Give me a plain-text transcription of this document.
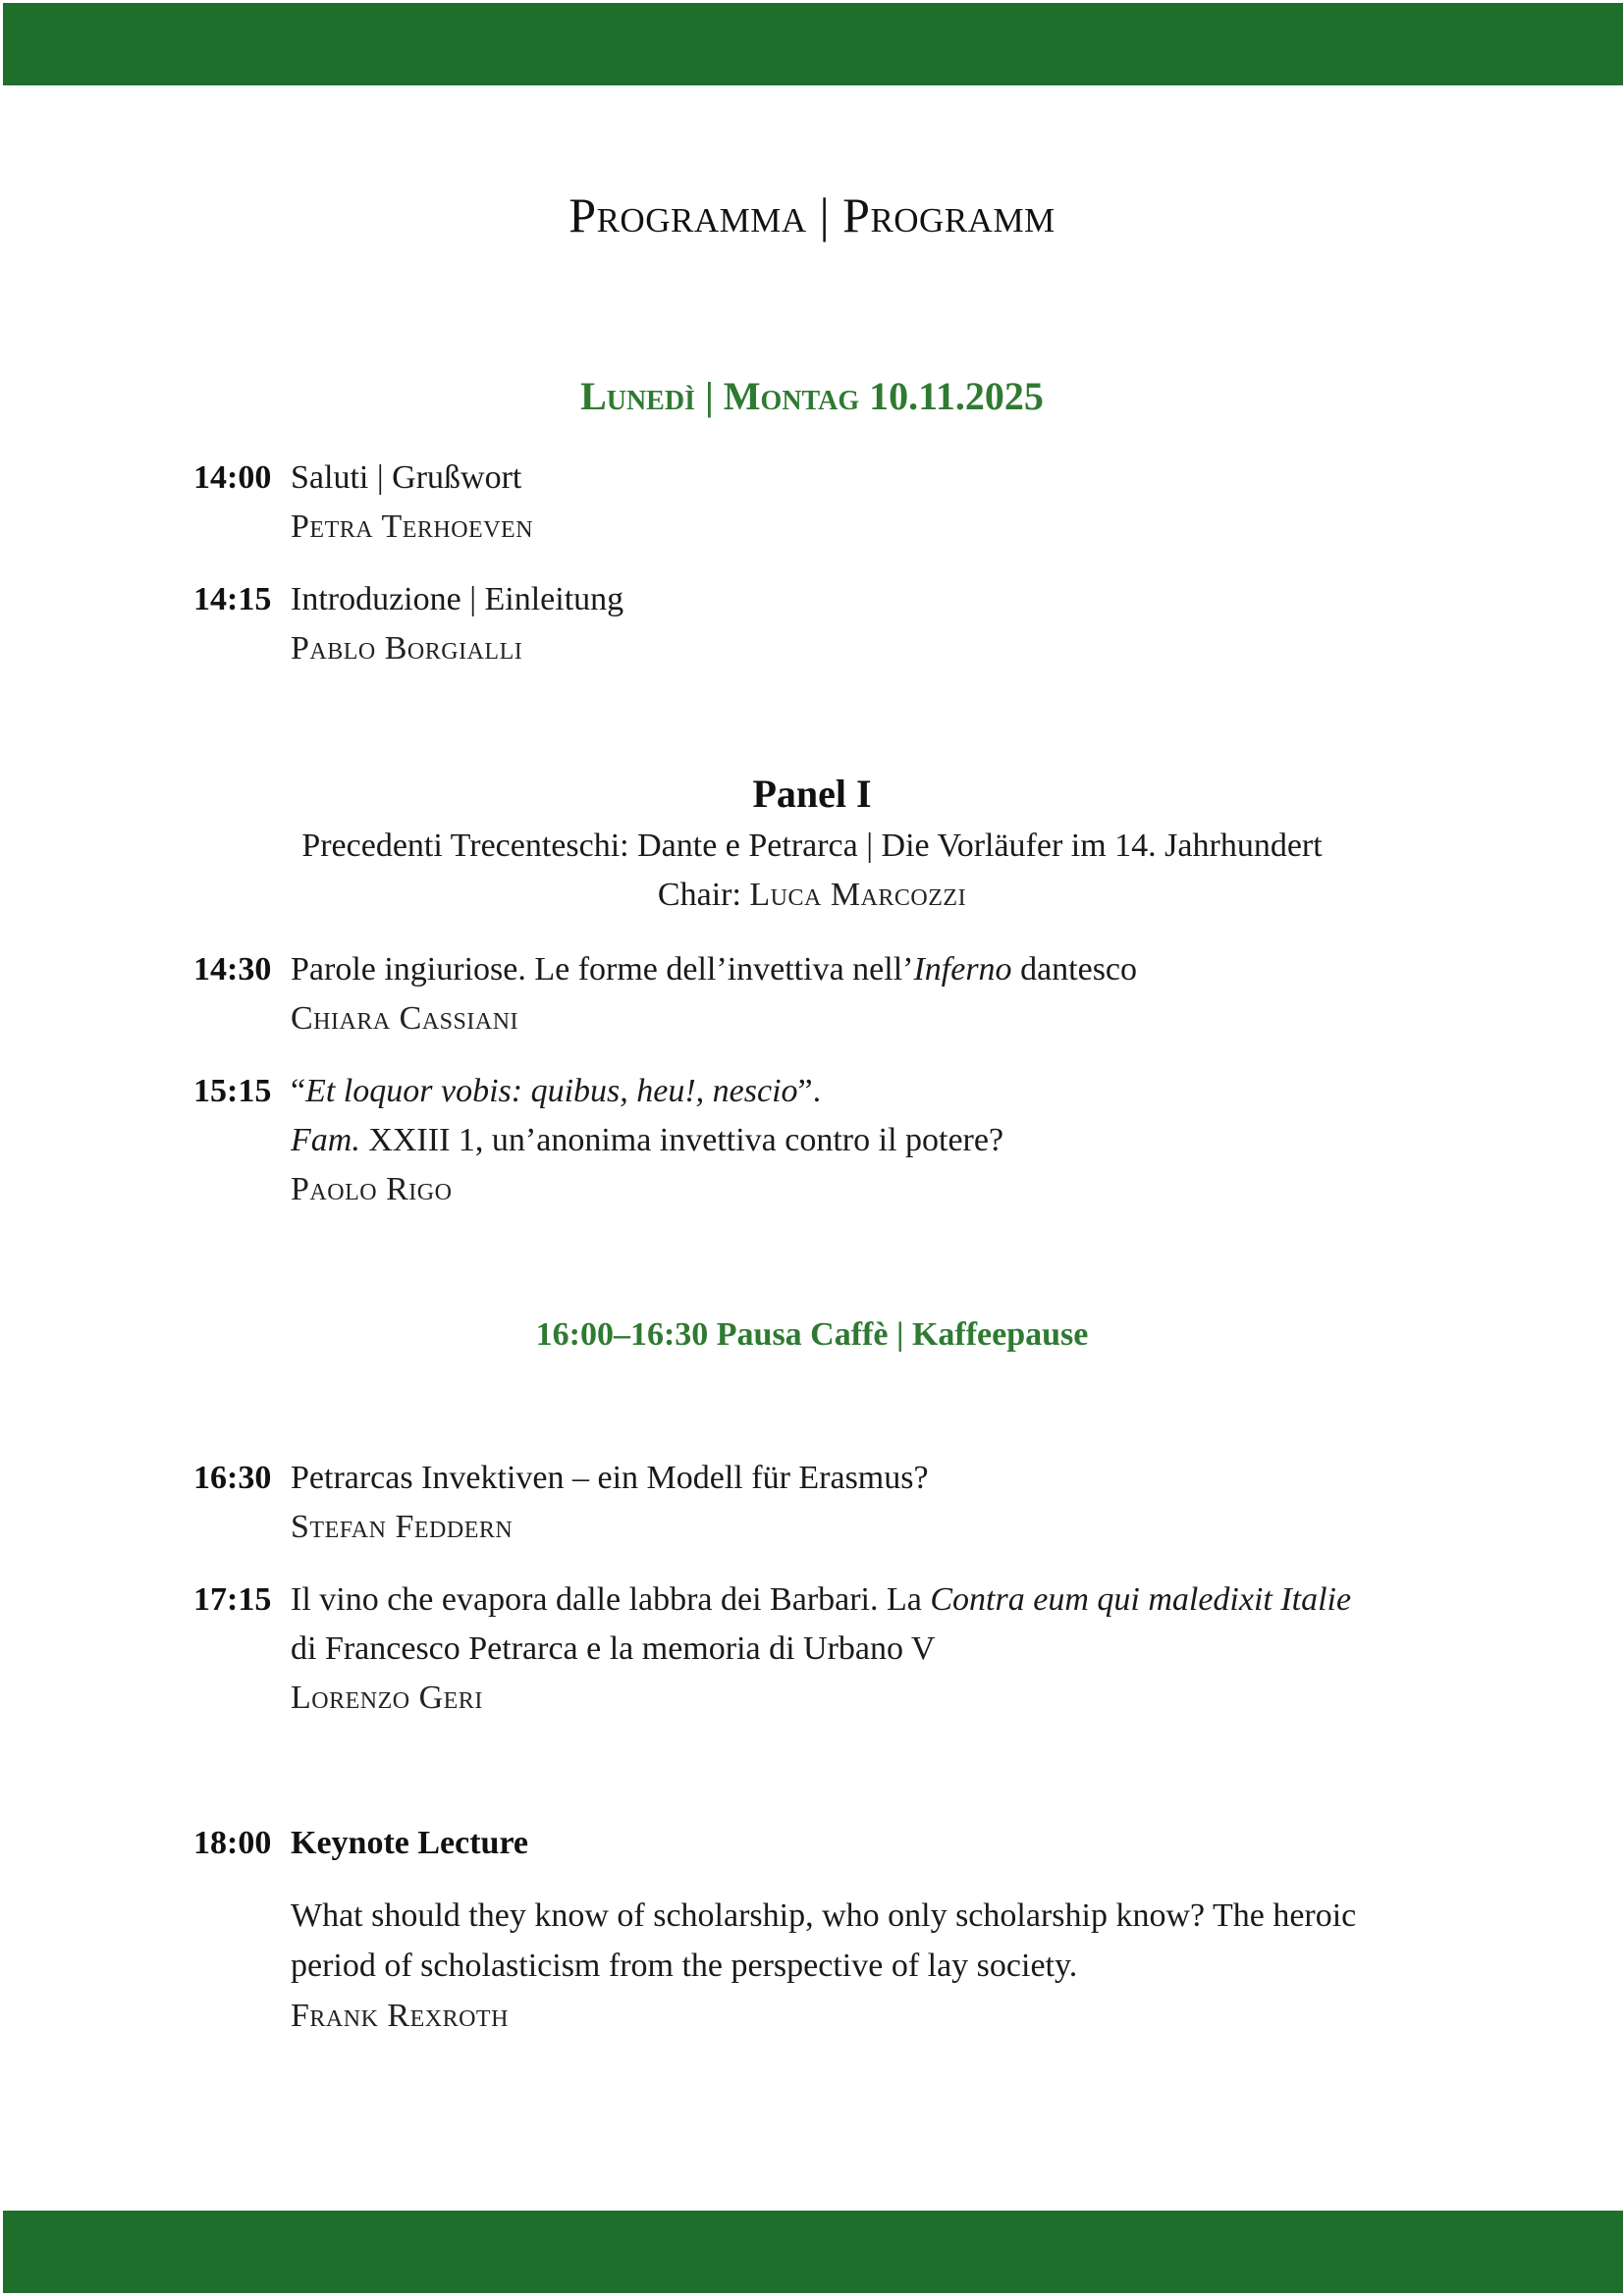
Programma | Programm
Lunedì | Montag 10.11.2025
14:00 Saluti | Grußwort
Petra Terhoeven
14:15 Introduzione | Einleitung
Pablo Borgialli
Panel I
Precedenti Trecenteschi: Dante e Petrarca | Die Vorläufer im 14. Jahrhundert
Chair: Luca Marcozzi
14:30 Parole ingiuriose. Le forme dell’invettiva nell’Inferno dantesco
Chiara Cassiani
15:15 “Et loquor vobis: quibus, heu!, nescio”.
Fam. XXIII 1, un’anonima invettiva contro il potere?
Paolo Rigo
16:00–16:30 Pausa Caffè | Kaffeepause
16:30 Petrarcas Invektiven – ein Modell für Erasmus?
Stefan Feddern
17:15 Il vino che evapora dalle labbra dei Barbari. La Contra eum qui maledixit Italie
di Francesco Petrarca e la memoria di Urbano V
Lorenzo Geri
18:00 Keynote Lecture
What should they know of scholarship, who only scholarship know? The heroic period of scholasticism from the perspective of lay society.
Frank Rexroth
